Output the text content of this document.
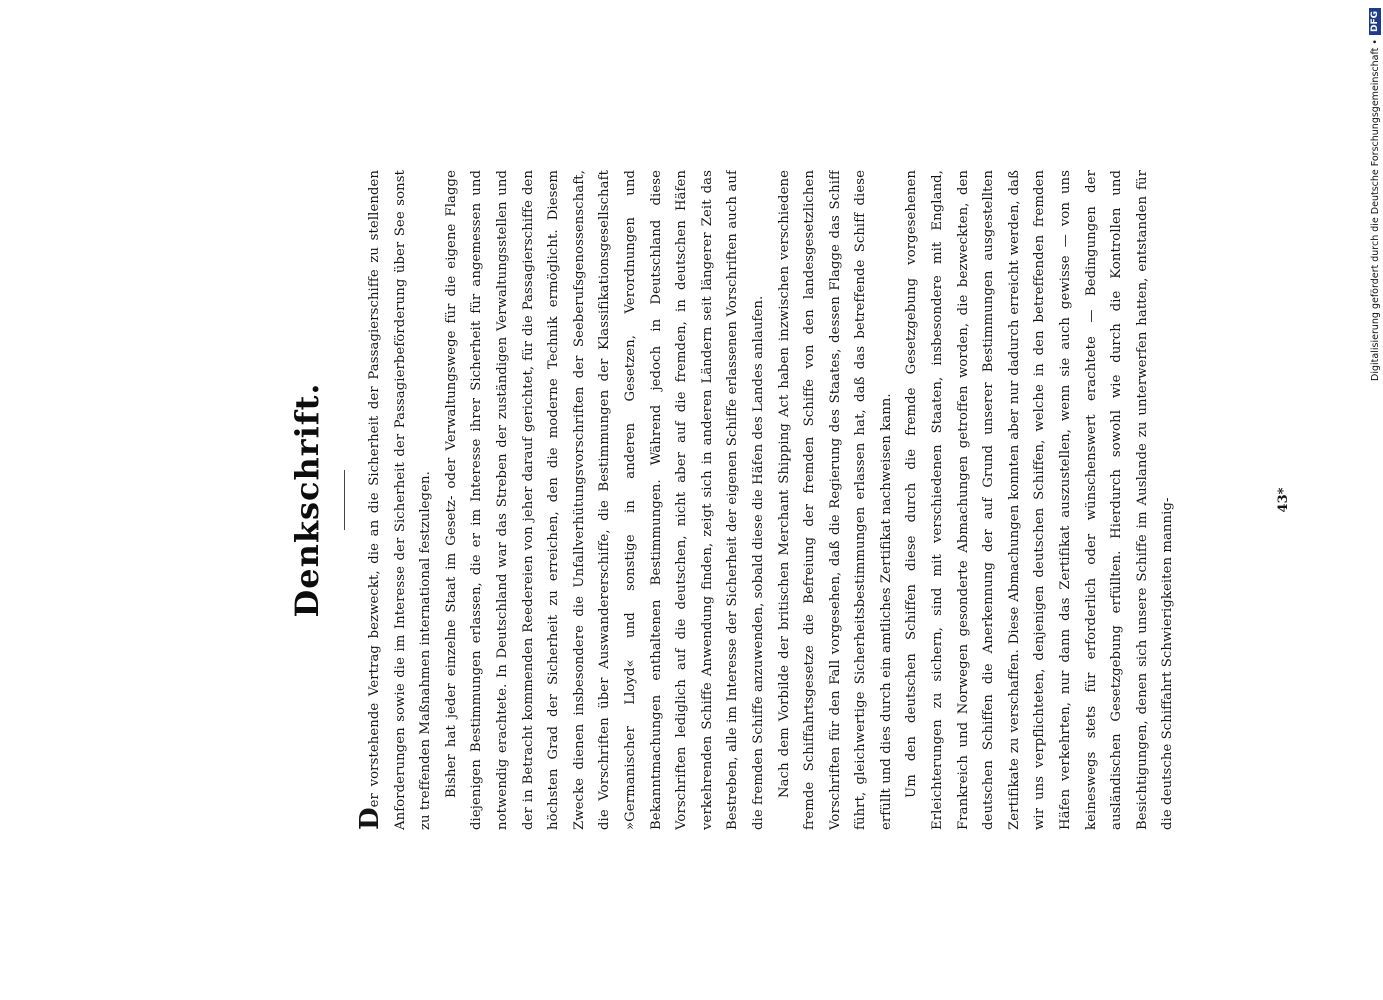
Denkschrift.

Der vorstehende Vertrag bezweckt, die an die Sicherheit der Passagierschiffe zu stellenden Anforderungen sowie die im Interesse der Sicherheit der Passagierbeförderung über See sonst zu treffenden Maßnahmen international festzulegen. Bisher hat jeder einzelne Staat im Gesetz- oder Verwaltungswege für die eigene Flagge diejenigen Bestimmungen erlassen, die er im Interesse ihrer Sicherheit für angemessen und notwendig erachtete. In Deutschland war das Streben der zuständigen Verwaltungsstellen und der in Betracht kommenden Reedereien von jeher darauf gerichtet, für die Passagierschiffe den höchsten Grad der Sicherheit zu erreichen, den die moderne Technik ermöglicht. Diesem Zwecke dienen insbesondere die Unfallverhütungsvorschriften der Seeberufsgenossenschaft, die Vorschriften über Auswandererschiffe, die Bestimmungen der Klassifikationsgesellschaft »Germanischer Lloyd« und sonstige in anderen Gesetzen, Verordnungen und Bekanntmachungen enthaltenen Bestimmungen. Während jedoch in Deutschland diese Vorschriften lediglich auf die deutschen, nicht aber auf die fremden, in deutschen Häfen verkehrenden Schiffe Anwendung finden, zeigt sich in anderen Ländern seit längerer Zeit das Bestreben, alle im Interesse der Sicherheit der eigenen Schiffe erlassenen Vorschriften auch auf die fremden Schiffe anzuwenden, sobald diese die Häfen des Landes anlaufen. Nach dem Vorbilde der britischen Merchant Shipping Act haben inzwischen verschiedene fremde Schiffahrtsgesetze die Befreiung der fremden Schiffe von den landesgesetzlichen Vorschriften für den Fall vorgesehen, daß die Regierung des Staates, dessen Flagge das Schiff führt, gleichwertige Sicherheitsbestimmungen erlassen hat, daß das betreffende Schiff diese erfüllt und dies durch ein amtliches Zertifikat nachweisen kann. Um den deutschen Schiffen diese durch die fremde Gesetzgebung vorgesehenen Erleichterungen zu sichern, sind mit verschiedenen Staaten, insbesondere mit England, Frankreich und Norwegen gesonderte Abmachungen getroffen worden, die bezweckten, den deutschen Schiffen die Anerkennung der auf Grund unserer Bestimmungen ausgestellten Zertifikate zu verschaffen. Diese Abmachungen konnten aber nur dadurch erreicht werden, daß wir uns verpflichteten, denjenigen deutschen Schiffen, welche in den betreffenden fremden Häfen verkehrten, nur dann das Zertifikat auszustellen, wenn sie auch gewisse — von uns keineswegs stets für erforderlich oder wünschenswert erachtete — Bedingungen der ausländischen Gesetzgebung erfüllten. Hierdurch sowohl wie durch die Kontrollen und Besichtigungen, denen sich unsere Schiffe im Auslande zu unterwerfen hatten, entstanden für die deutsche Schiffahrt Schwierigkeiten mannig-	43*
Digitalisierung gefördert durch die Deutsche Forschungsgemeinschaft •
DFG
